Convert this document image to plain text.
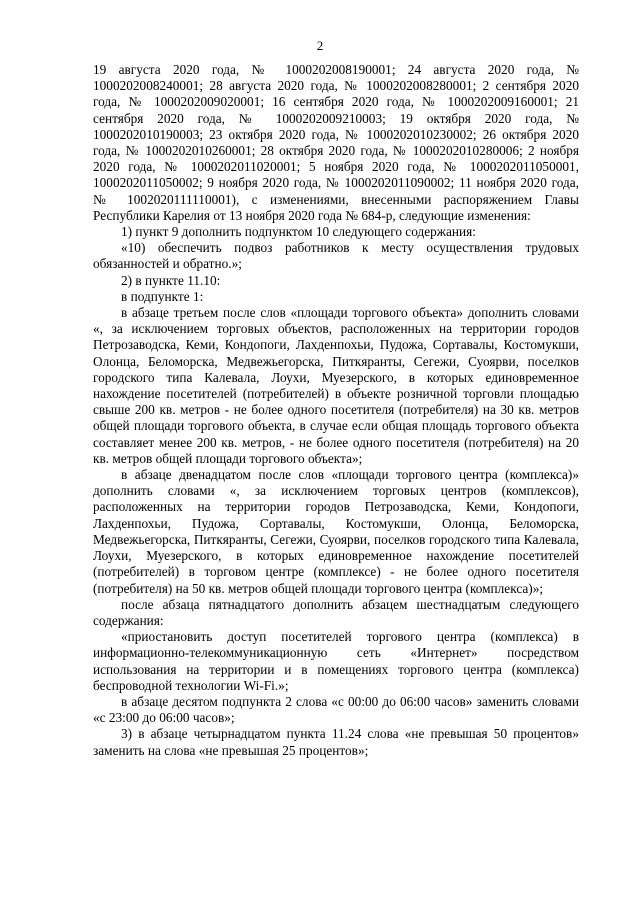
2

19 августа 2020 года, № 1000202008190001; 24 августа 2020 года, № 1000202008240001; 28 августа 2020 года, № 1000202008280001; 2 сентября 2020 года, № 1000202009020001; 16 сентября 2020 года, № 1000202009160001; 21 сентября 2020 года, № 1000202009210003; 19 октября 2020 года, № 1000202010190003; 23 октября 2020 года, № 1000202010230002; 26 октября 2020 года, № 1000202010260001; 28 октября 2020 года, № 1000202010280006; 2 ноября 2020 года, № 1000202011020001; 5 ноября 2020 года, № 1000202011050001, 1000202011050002; 9 ноября 2020 года, № 1000202011090002; 11 ноября 2020 года, № 1002020111110001), с изменениями, внесенными распоряжением Главы Республики Карелия от 13 ноября 2020 года № 684-р, следующие изменения:

1) пункт 9 дополнить подпунктом 10 следующего содержания:

«10) обеспечить подвоз работников к месту осуществления трудовых обязанностей и обратно.»;

2) в пункте 11.10:

в подпункте 1:

в абзаце третьем после слов «площади торгового объекта» дополнить словами «, за исключением торговых объектов, расположенных на территории городов Петрозаводска, Кеми, Кондопоги, Лахденпохьи, Пудожа, Сортавалы, Костомукши, Олонца, Беломорска, Медвежьегорска, Питкяранты, Сегежи, Суоярви, поселков городского типа Калевала, Лоухи, Муезерского, в которых единовременное нахождение посетителей (потребителей) в объекте розничной торговли площадью свыше 200 кв. метров - не более одного посетителя (потребителя) на 30 кв. метров общей площади торгового объекта, в случае если общая площадь торгового объекта составляет менее 200 кв. метров, - не более одного посетителя (потребителя) на 20 кв. метров общей площади торгового объекта»;

в абзаце двенадцатом после слов «площади торгового центра (комплекса)» дополнить словами «, за исключением торговых центров (комплексов), расположенных на территории городов Петрозаводска, Кеми, Кондопоги, Лахденпохьи, Пудожа, Сортавалы, Костомукши, Олонца, Беломорска, Медвежьегорска, Питкяранты, Сегежи, Суоярви, поселков городского типа Калевала, Лоухи, Муезерского, в которых единовременное нахождение посетителей (потребителей) в торговом центре (комплексе) - не более одного посетителя (потребителя) на 50 кв. метров общей площади торгового центра (комплекса)»;

после абзаца пятнадцатого дополнить абзацем шестнадцатым следующего содержания:

«приостановить доступ посетителей торгового центра (комплекса) в информационно-телекоммуникационную сеть «Интернет» посредством использования на территории и в помещениях торгового центра (комплекса) беспроводной технологии Wi-Fi.»;

в абзаце десятом подпункта 2 слова «с 00:00 до 06:00 часов» заменить словами «с 23:00 до 06:00 часов»;

3) в абзаце четырнадцатом пункта 11.24 слова «не превышая 50 процентов» заменить на слова «не превышая 25 процентов»;
